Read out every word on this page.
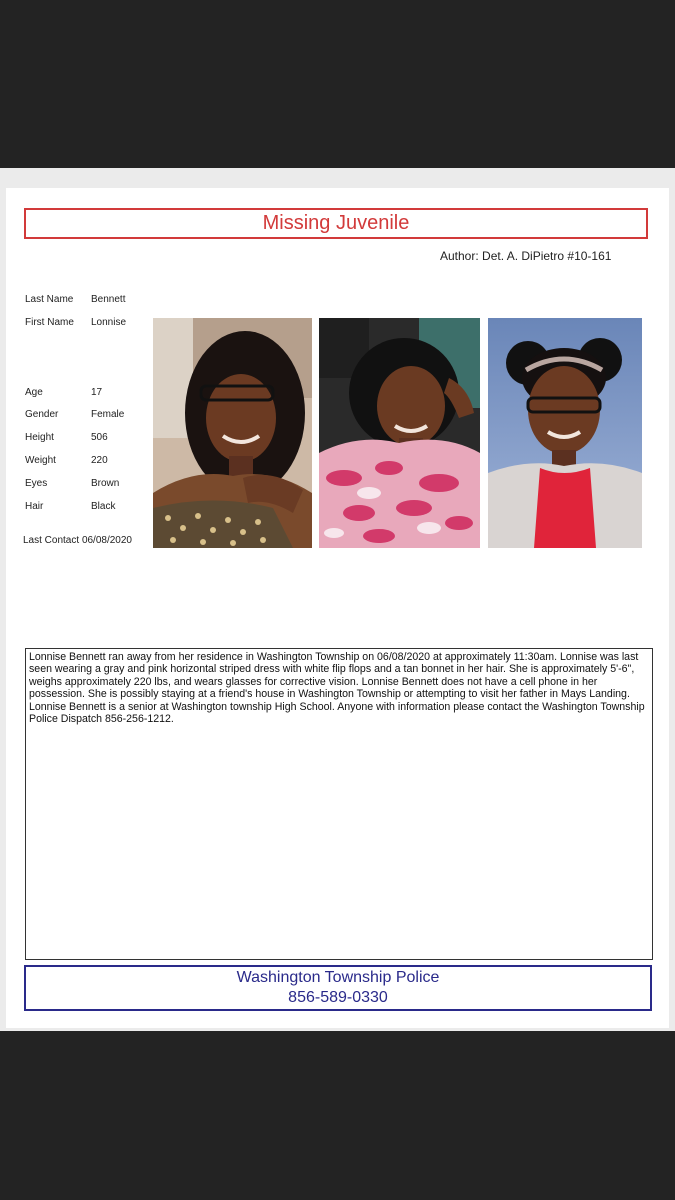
Missing Juvenile
Author: Det. A. DiPietro #10-161
Last Name Bennett
First Name Lonnise
Age	17
Gender	Female
Height	506
Weight	220
Eyes	Brown
Hair	Black
Last Contact 06/08/2020
Lonnise Bennett ran away from her residence in Washington Township on 06/08/2020 at approximately 11:30am. Lonnise was last seen wearing a gray and pink horizontal striped dress with white flip flops and a tan bonnet in her hair. She is approximately 5'-6", weighs approximately 220 lbs, and wears glasses for corrective vision. Lonnise Bennett does not have a cell phone in her possession. She is possibly staying at a friend's house in Washington Township or attempting to visit her father in Mays Landing. Lonnise Bennett is a senior at Washington township High School. Anyone with information please contact the Washington Township Police Dispatch 856-256-1212.
Washington Township Police
856-589-0330
